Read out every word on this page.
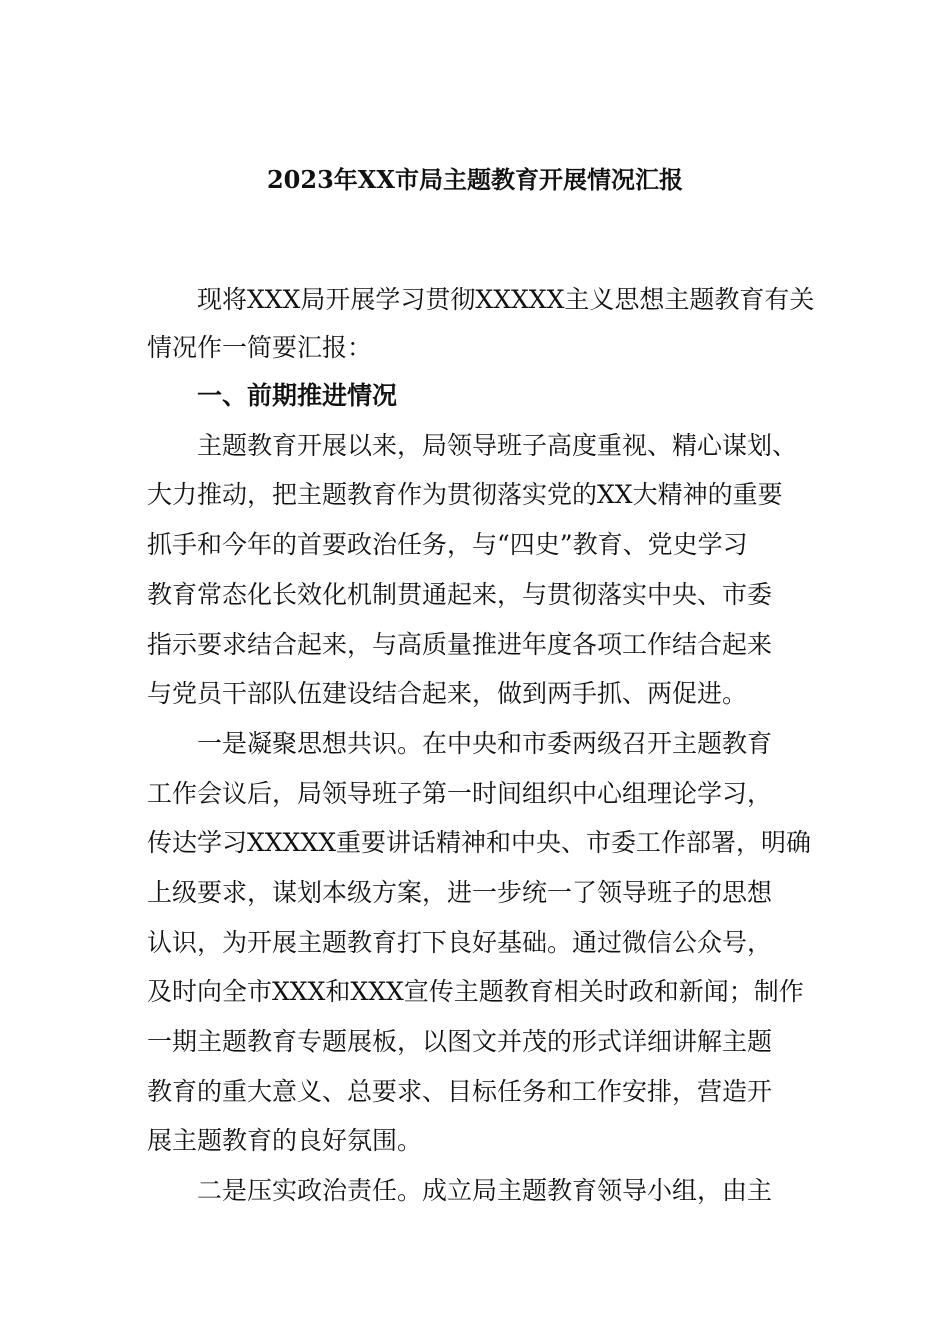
2023年XX市局主题教育开展情况汇报
现将XXX局开展学习贯彻XXXXX主义思想主题教育有关
情况作一简要汇报：
一、前期推进情况
主题教育开展以来，局领导班子高度重视、精心谋划、
大力推动，把主题教育作为贯彻落实党的XX大精神的重要
抓手和今年的首要政治任务，与“四史”教育、党史学习
教育常态化长效化机制贯通起来，与贯彻落实中央、市委
指示要求结合起来，与高质量推进年度各项工作结合起来
与党员干部队伍建设结合起来，做到两手抓、两促进。
一是凝聚思想共识。在中央和市委两级召开主题教育
工作会议后，局领导班子第一时间组织中心组理论学习，
传达学习XXXXX重要讲话精神和中央、市委工作部署，明确
上级要求，谋划本级方案，进一步统一了领导班子的思想
认识，为开展主题教育打下良好基础。通过微信公众号，
及时向全市XXX和XXX宣传主题教育相关时政和新闻；制作
一期主题教育专题展板，以图文并茂的形式详细讲解主题
教育的重大意义、总要求、目标任务和工作安排，营造开
展主题教育的良好氛围。
二是压实政治责任。成立局主题教育领导小组，由主
